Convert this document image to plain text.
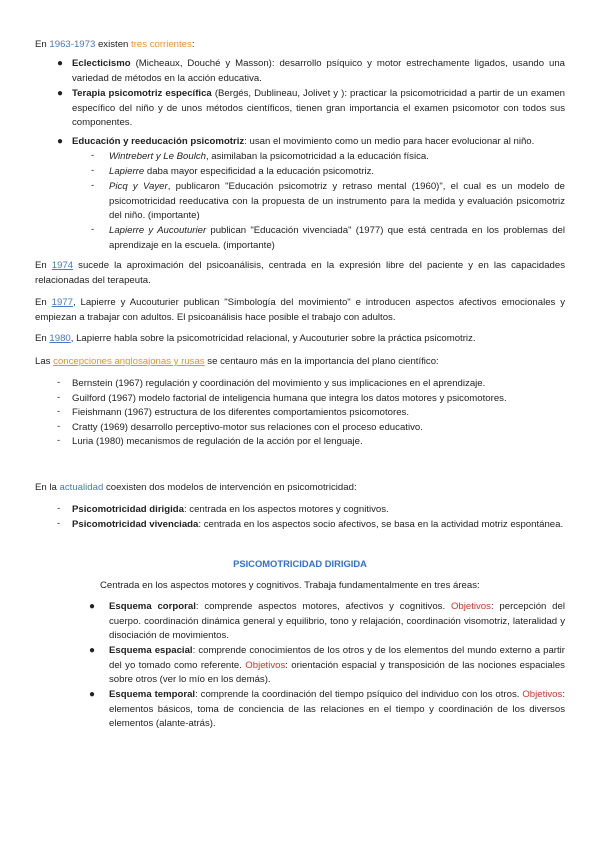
En 1963-1973 existen tres corrientes:
● Eclecticismo (Micheaux, Douché y Masson): desarrollo psíquico y motor estrechamente ligados, usando una variedad de métodos en la acción educativa.
● Terapia psicomotriz específica (Bergés, Dublineau, Jolivet y ): practicar la psicomotricidad a partir de un examen específico del niño y de unos métodos científicos, tienen gran importancia el examen psicomotor con todos sus componentes.
● Educación y reeducación psicomotriz: usan el movimiento como un medio para hacer evolucionar al niño.
- Wintrebert y Le Boulch, asimilaban la psicomotricidad a la educación física.
- Lapierre daba mayor especificidad a la educación psicomotriz.
- Picq y Vayer, publicaron "Educación psicomotriz y retraso mental (1960)", el cual es un modelo de psicomotricidad reeducativa con la propuesta de un instrumento para la medida y evaluación psicomotriz del niño. (importante)
- Lapierre y Aucouturier publican "Educación vivenciada" (1977) que está centrada en los problemas del aprendizaje en la escuela. (importante)
En 1974 sucede la aproximación del psicoanálisis, centrada en la expresión libre del paciente y en las capacidades relacionadas del terapeuta.
En 1977, Lapierre y Aucouturier publican "Simbología del movimiento" e introducen aspectos afectivos emocionales y empiezan a trabajar con adultos. El psicoanálisis hace posible el trabajo con adultos.
En 1980, Lapierre habla sobre la psicomotricidad relacional, y Aucouturier sobre la práctica psicomotriz.
Las concepciones anglosajonas y rusas se centauro más en la importancia del plano científico:
- Bernstein (1967) regulación y coordinación del movimiento y sus implicaciones en el aprendizaje.
- Guilford (1967) modelo factorial de inteligencia humana que integra los datos motores y psicomotores.
- Fieishmann (1967) estructura de los diferentes comportamientos psicomotores.
- Cratty (1969) desarrollo perceptivo-motor sus relaciones con el proceso educativo.
- Luria (1980) mecanismos de regulación de la acción por el lenguaje.
En la actualidad coexisten dos modelos de intervención en psicomotricidad:
- Psicomotricidad dirigida: centrada en los aspectos motores y cognitivos.
- Psicomotricidad vivenciada: centrada en los aspectos socio afectivos, se basa en la actividad motriz espontánea.
PSICOMOTRICIDAD DIRIGIDA
Centrada en los aspectos motores y cognitivos. Trabaja fundamentalmente en tres áreas:
● Esquema corporal: comprende aspectos motores, afectivos y cognitivos. Objetivos: percepción del cuerpo. coordinación dinámica general y equilibrio, tono y relajación, coordinación visomotriz, lateralidad y disociación de movimientos.
● Esquema espacial: comprende conocimientos de los otros y de los elementos del mundo externo a partir del yo tomado como referente. Objetivos: orientación espacial y transposición de las nociones espaciales sobre otros (ver lo mío en los demás).
● Esquema temporal: comprende la coordinación del tiempo psíquico del individuo con los otros. Objetivos: elementos básicos, toma de conciencia de las relaciones en el tiempo y coordinación de los diversos elementos (alante-atrás).
